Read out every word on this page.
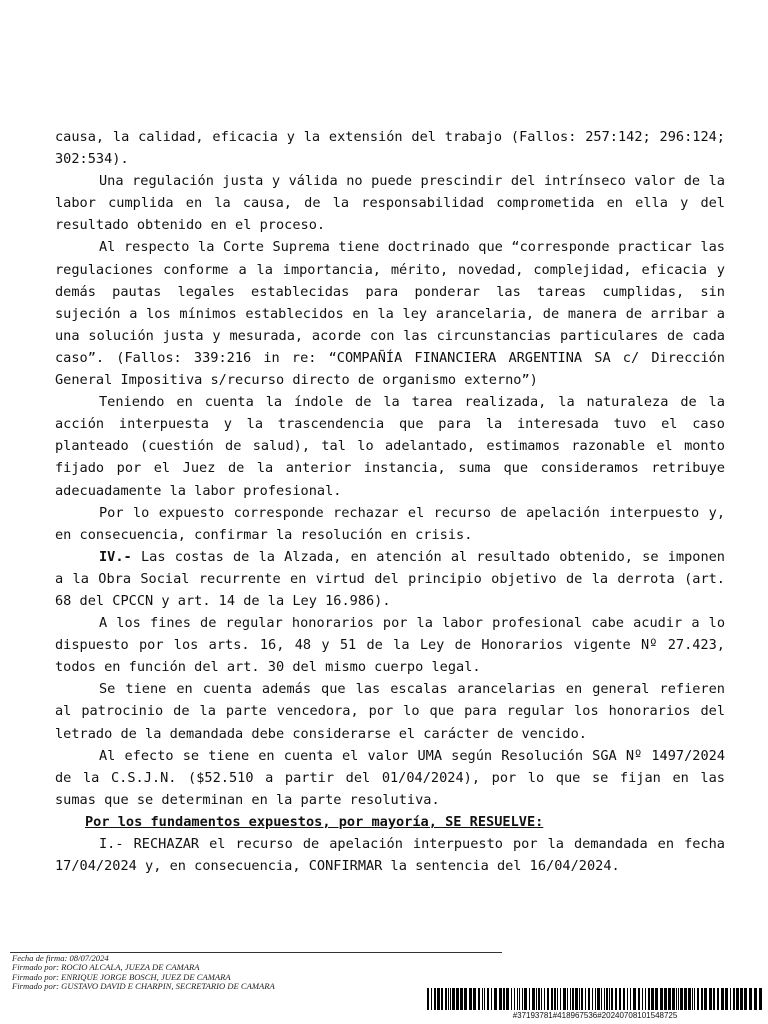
causa, la calidad, eficacia y la extensión del trabajo (Fallos: 257:142; 296:124; 302:534).

Una regulación justa y válida no puede prescindir del intrínseco valor de la labor cumplida en la causa, de la responsabilidad comprometida en ella y del resultado obtenido en el proceso.

Al respecto la Corte Suprema tiene doctrinado que “corresponde practicar las regulaciones conforme a la importancia, mérito, novedad, complejidad, eficacia y demás pautas legales establecidas para ponderar las tareas cumplidas, sin sujeción a los mínimos establecidos en la ley arancelaria, de manera de arribar a una solución justa y mesurada, acorde con las circunstancias particulares de cada caso”. (Fallos: 339:216 in re: “COMPAÑÍA FINANCIERA ARGENTINA SA c/ Dirección General Impositiva s/recurso directo de organismo externo”)

Teniendo en cuenta la índole de la tarea realizada, la naturaleza de la acción interpuesta y la trascendencia que para la interesada tuvo el caso planteado (cuestión de salud), tal lo adelantado, estimamos razonable el monto fijado por el Juez de la anterior instancia, suma que consideramos retribuye adecuadamente la labor profesional.

Por lo expuesto corresponde rechazar el recurso de apelación interpuesto y, en consecuencia, confirmar la resolución en crisis.

IV.- Las costas de la Alzada, en atención al resultado obtenido, se imponen a la Obra Social recurrente en virtud del principio objetivo de la derrota (art. 68 del CPCCN y art. 14 de la Ley 16.986).

A los fines de regular honorarios por la labor profesional cabe acudir a lo dispuesto por los arts. 16, 48 y 51 de la Ley de Honorarios vigente Nº 27.423, todos en función del art. 30 del mismo cuerpo legal.

Se tiene en cuenta además que las escalas arancelarias en general refieren al patrocinio de la parte vencedora, por lo que para regular los honorarios del letrado de la demandada debe considerarse el carácter de vencido.

Al efecto se tiene en cuenta el valor UMA según Resolución SGA Nº 1497/2024 de la C.S.J.N. ($52.510 a partir del 01/04/2024), por lo que se fijan en las sumas que se determinan en la parte resolutiva.

Por los fundamentos expuestos, por mayoría, SE RESUELVE:

I.- RECHAZAR el recurso de apelación interpuesto por la demandada en fecha 17/04/2024 y, en consecuencia, CONFIRMAR la sentencia del 16/04/2024.

Fecha de firma: 08/07/2024
Firmado por: ROCIO ALCALA, JUEZA DE CAMARA
Firmado por: ENRIQUE JORGE BOSCH, JUEZ DE CAMARA
Firmado por: GUSTAVO DAVID E CHARPIN, SECRETARIO DE CAMARA
#37193781#418967536#20240708101548725
